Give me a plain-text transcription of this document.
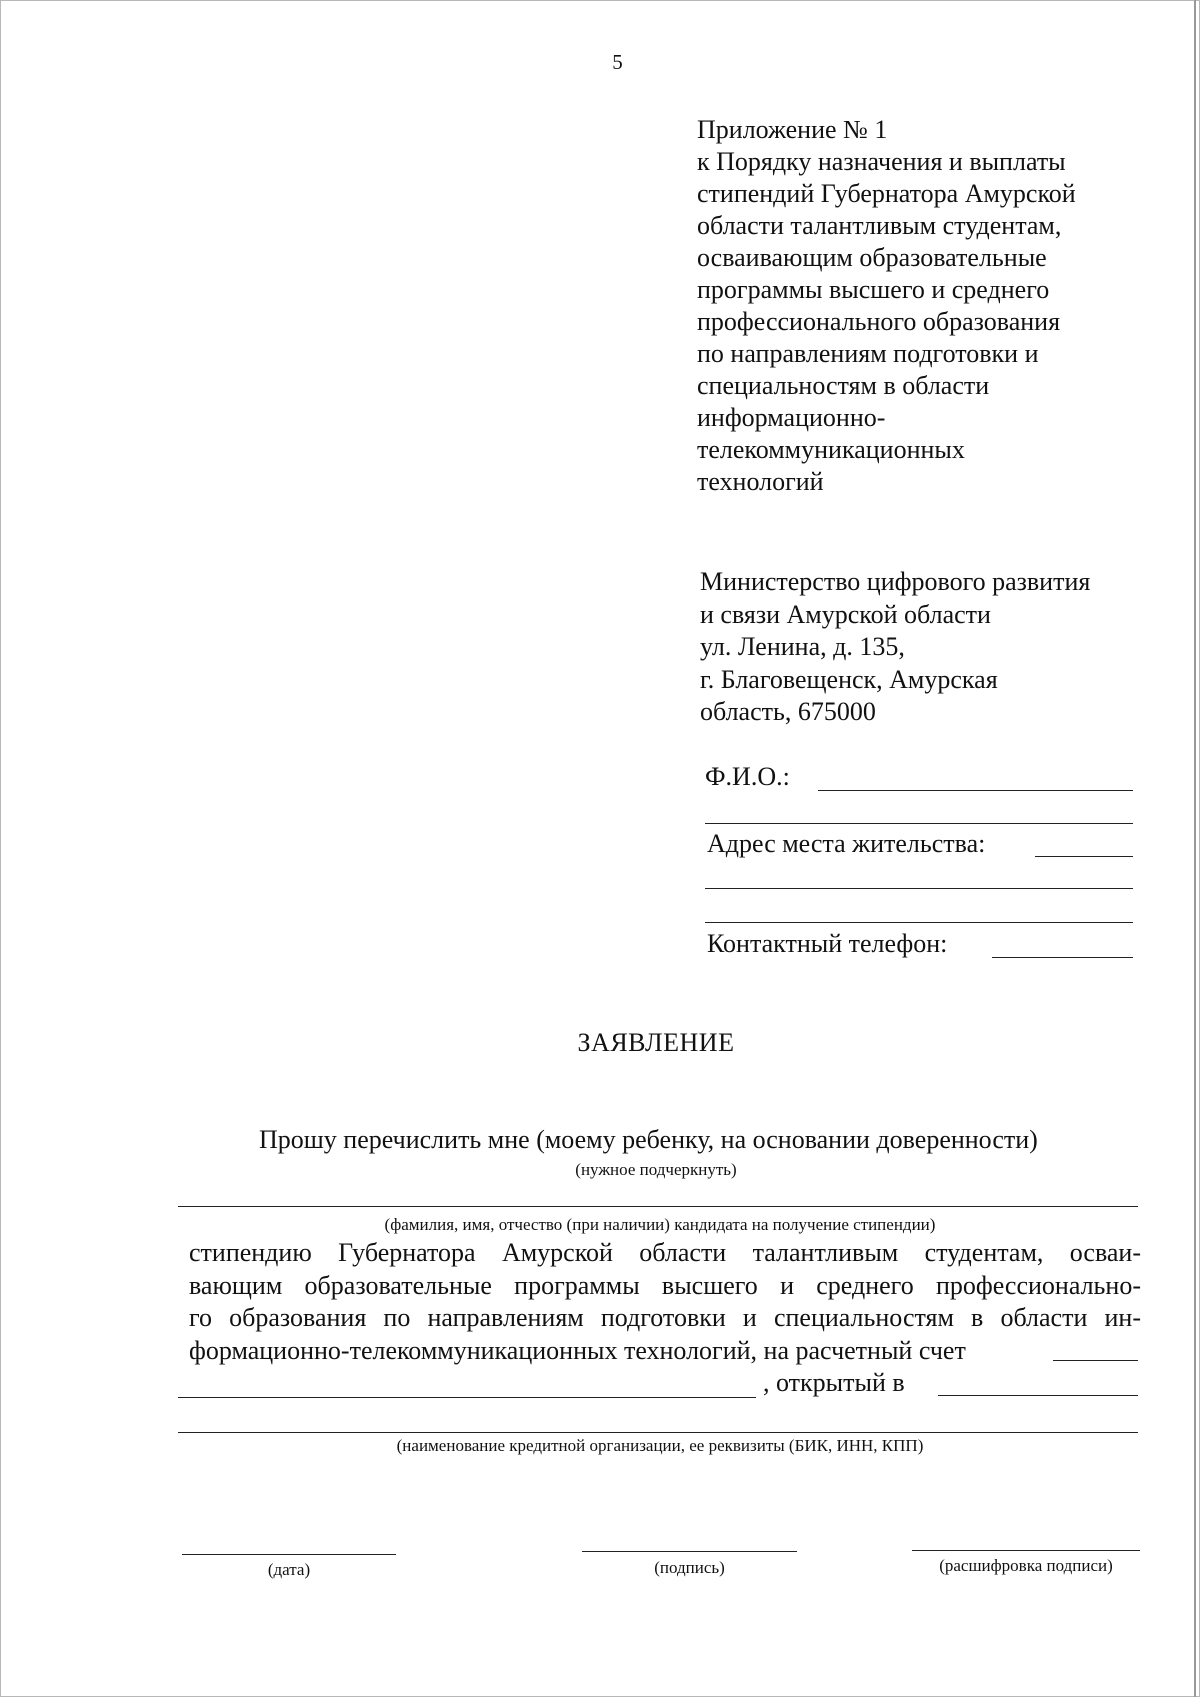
5
Приложение № 1
к Порядку назначения и выплаты
стипендий Губернатора Амурской
области талантливым студентам,
осваивающим образовательные
программы высшего и среднего
профессионального образования
по направлениям подготовки и
специальностям в области
информационно-
телекоммуникационных
технологий
Министерство цифрового развития
и связи Амурской области
ул. Ленина, д. 135,
г. Благовещенск, Амурская
область, 675000
Ф.И.О.:
Адрес места жительства:
Контактный телефон:
ЗАЯВЛЕНИЕ
Прошу перечислить мне (моему ребенку, на основании доверенности)
(нужное подчеркнуть)
(фамилия, имя, отчество (при наличии) кандидата на получение стипендии)
стипендию Губернатора Амурской области талантливым студентам, осваи-
вающим образовательные программы высшего и среднего профессионально-
го образования по направлениям подготовки и специальностям в области ин-
формационно-телекоммуникационных технологий, на расчетный счет
, открытый в
(наименование кредитной организации, ее реквизиты (БИК, ИНН, КПП)
(дата)	(подпись)	(расшифровка подписи)
